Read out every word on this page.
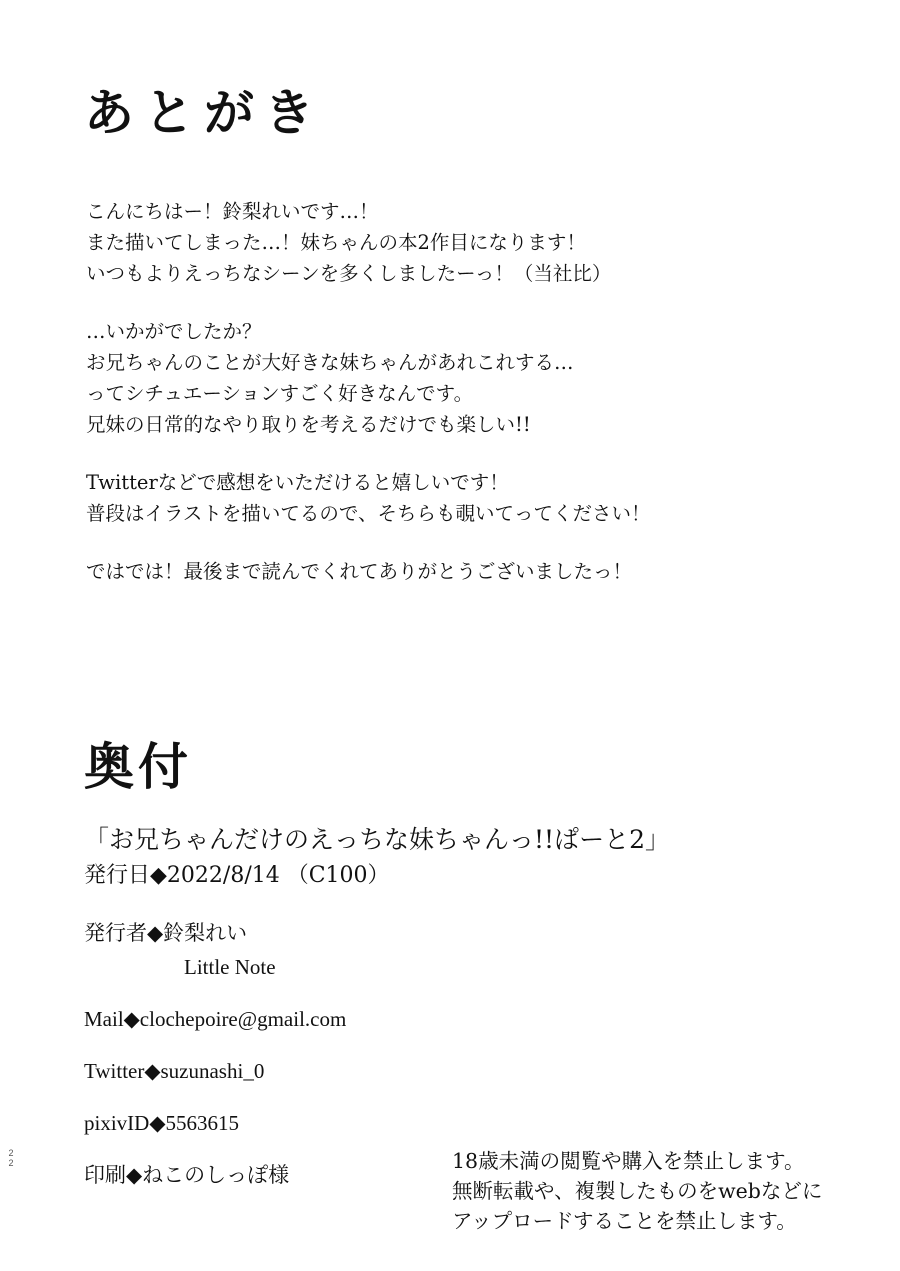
あとがき

こんにちはー！鈴梨れいです…！
また描いてしまった…！妹ちゃんの本2作目になります！
いつもよりえっちなシーンを多くしましたーっ！（当社比）

…いかがでしたか？
お兄ちゃんのことが大好きな妹ちゃんがあれこれする…
ってシチュエーションすごく好きなんです。
兄妹の日常的なやり取りを考えるだけでも楽しい!!

Twitterなどで感想をいただけると嬉しいです！
普段はイラストを描いてるので、そちらも覗いてってください！

ではでは！最後まで読んでくれてありがとうございましたっ！

奥付
「お兄ちゃんだけのえっちな妹ちゃんっ!!ぱーと2」
発行日◆2022/8/14 （C100）
発行者◆鈴梨れい
Little Note
Mail◆clochepoire@gmail.com
Twitter◆suzunashi_0
pixivID◆5563615
印刷◆ねこのしっぽ様
18歳未満の閲覧や購入を禁止します。
無断転載や、複製したものをwebなどに
アップロードすることを禁止します。
2
2
